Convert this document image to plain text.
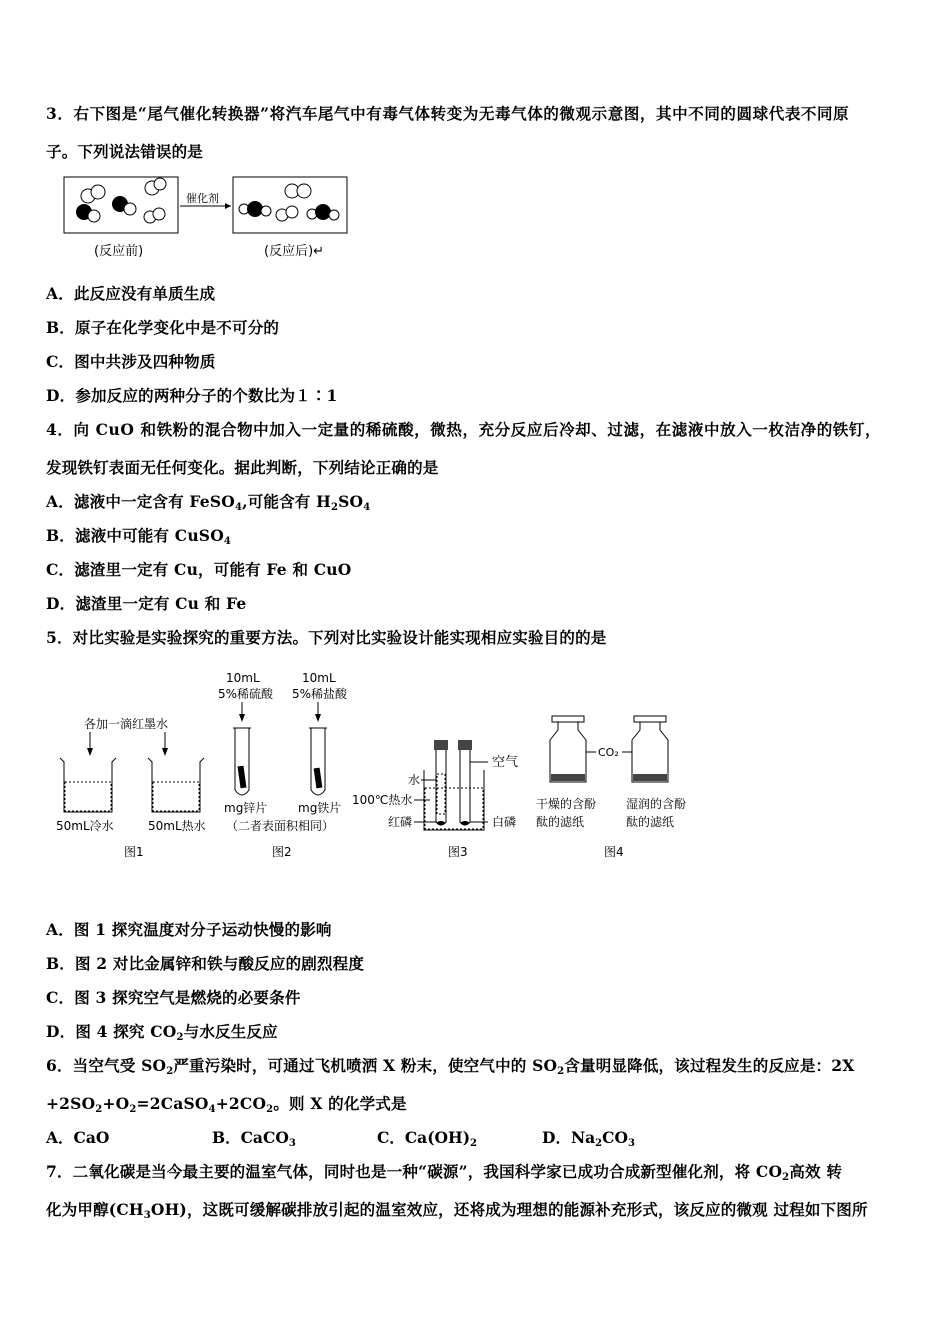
3．右下图是“尾气催化转换器”将汽车尾气中有毒气体转变为无毒气体的微观示意图，其中不同的圆球代表不同原
子。下列说法错误的是
催化剂
(反应前)	(反应后)↵
A．此反应没有单质生成
B．原子在化学变化中是不可分的
C．图中共涉及四种物质
D．参加反应的两种分子的个数比为１∶1
4．向 CuO 和铁粉的混合物中加入一定量的稀硫酸，微热，充分反应后冷却、过滤，在滤液中放入一枚洁净的铁钉，
发现铁钉表面无任何变化。据此判断，下列结论正确的是
A．滤液中一定含有 FeSO$_4$,可能含有 $H_2SO_4$
B．滤液中可能有 CuSO$_4$
C．滤渣里一定有 Cu，可能有 Fe 和 CuO
D．滤渣里一定有 Cu 和 Fe
5．对比实验是实验探究的重要方法。下列对比实验设计能实现相应实验目的的是
各加一滴红墨水
50mL冷水	50mL热水
图1
10mL
5%稀硫酸
10mL
5%稀盐酸
mg锌片	mg铁片
（二者表面积相同）
图2
空气
水
100℃热水
红磷	白磷
图3
CO₂
干燥的含酚
酞的滤纸
湿润的含酚
酞的滤纸
图4
A．图 1 探究温度对分子运动快慢的影响
B．图 2 对比金属锌和铁与酸反应的剧烈程度
C．图 3 探究空气是燃烧的必要条件
D．图 4 探究 $CO_2$与水反生反应
6．当空气受 $SO_2$严重污染时，可通过飞机喷洒 X 粉末，使空气中的 $SO_2$含量明显降低，该过程发生的反应是：2X
$+2SO_2+O_2=2CaSO_4+2CO_2$。则 X 的化学式是
A．CaO	B．CaCO$_3$	C．$Ca(OH)_2$	D．$Na_2CO_3$
7．二氧化碳是当今最主要的温室气体，同时也是一种“碳源”，我国科学家已成功合成新型催化剂，将 $CO_2$高效 转
化为甲醇$(CH_3OH)$，这既可缓解碳排放引起的温室效应，还将成为理想的能源补充形式，该反应的微观 过程如下图所
